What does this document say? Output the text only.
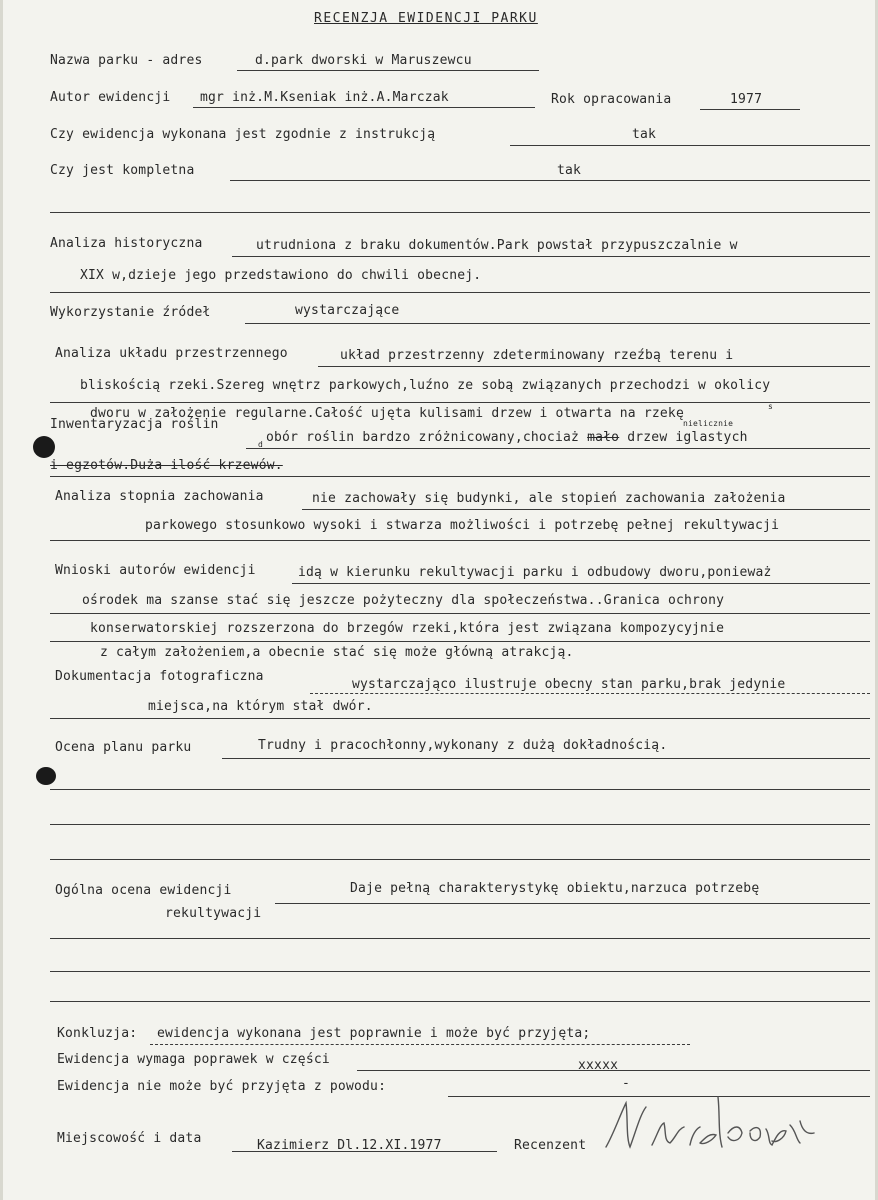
RECENZJA EWIDENCJI PARKU
Nazwa parku - adres	d.park dworski w Maruszewcu
Autor ewidencji mgr inż.M.Kseniak inż.A.Marczak	Rok opracowania	1977
Czy ewidencja wykonana jest zgodnie z instrukcją	tak
Czy jest kompletna	tak
Analiza historyczna	utrudniona z braku dokumentów.Park powstał przypuszczalnie w
XIX w,dzieje jego przedstawiono do chwili obecnej.
Wykorzystanie źródeł	wystarczające
Analiza układu przestrzennego	układ przestrzenny zdeterminowany rzeźbą terenu i
bliskością rzeki.Szereg wnętrz parkowych,luźno ze sobą związanych przechodzi w okolicy
dworu w założenie regularne.Całość ujęta kulisami drzew i otwarta na rzekę	s
Inwentaryzacja roślin
d
nielicznie
obór roślin bardzo zróżnicowany,chociaż mało drzew iglastych
i egzotów.Duża ilość krzewów.
Analiza stopnia zachowania	nie zachowały się budynki, ale stopień zachowania założenia
parkowego stosunkowo wysoki i stwarza możliwości i potrzebę pełnej rekultywacji
Wnioski autorów ewidencji	idą w kierunku rekultywacji parku i odbudowy dworu,ponieważ
ośrodek ma szanse stać się jeszcze pożyteczny dla społeczeństwa..Granica ochrony
konserwatorskiej rozszerzona do brzegów rzeki,która jest związana kompozycyjnie
z całym założeniem,a obecnie stać się może główną atrakcją.
Dokumentacja fotograficzna
wystarczająco ilustruje obecny stan parku,brak jedynie
miejsca,na którym stał dwór.
Ocena planu parku	Trudny i pracochłonny,wykonany z dużą dokładnością.
Ogólna ocena ewidencji	Daje pełną charakterystykę obiektu,narzuca potrzebę
rekultywacji
Konkluzja: ewidencja wykonana jest poprawnie i może być przyjęta;
Ewidencja wymaga poprawek w części	xxxxx
Ewidencja nie może być przyjęta z powodu:	-
Miejscowość i data	Kazimierz Dl.12.XI.1977	Recenzent
